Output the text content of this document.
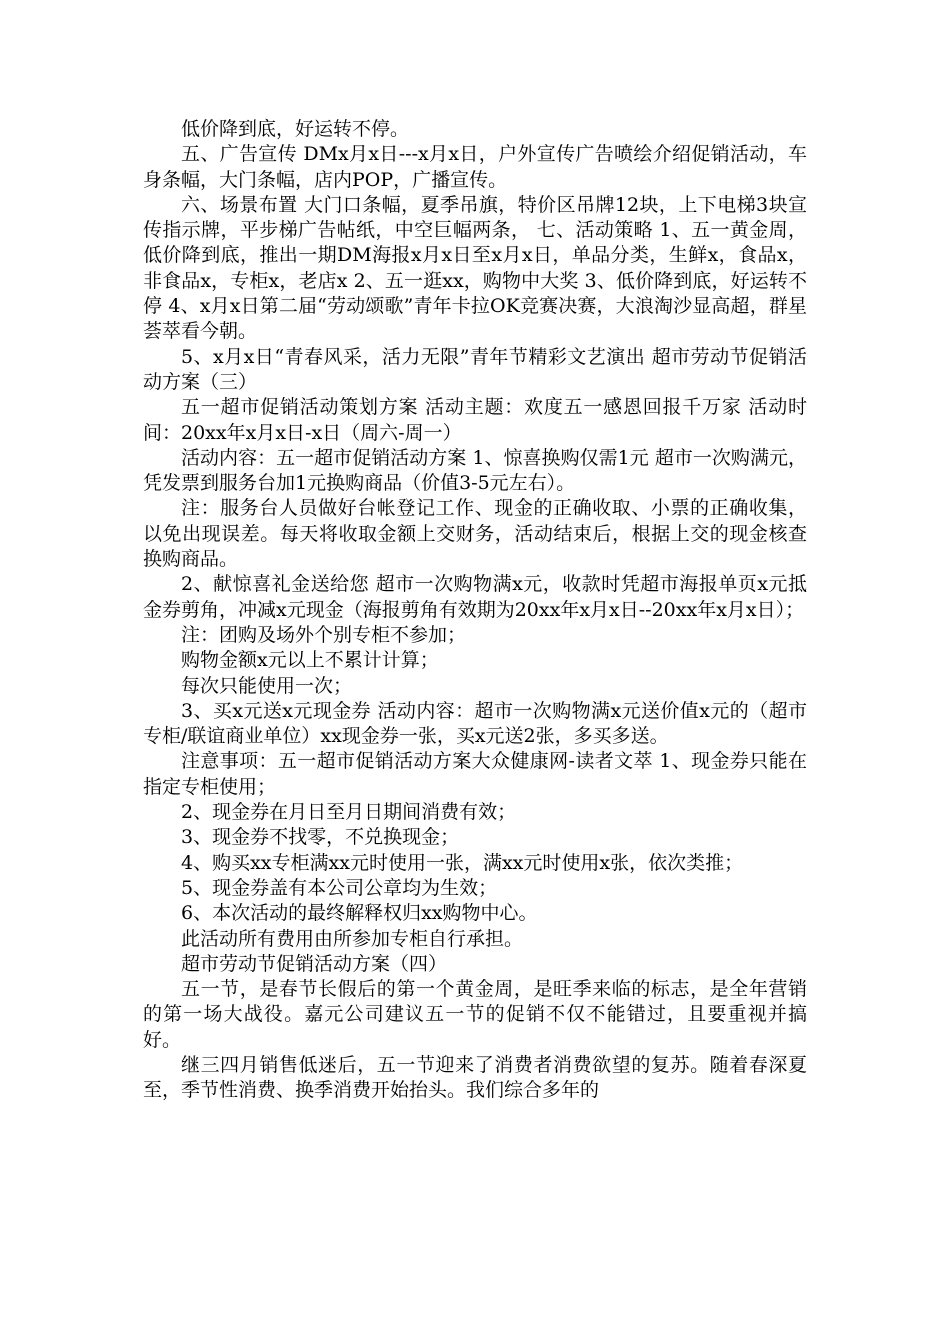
低价降到底，好运转不停。

五、广告宣传 DMx月x日---x月x日，户外宣传广告喷绘介绍促销活动，车身条幅，大门条幅，店内POP，广播宣传。

六、场景布置 大门口条幅，夏季吊旗，特价区吊牌12块，上下电梯3块宣传指示牌，平步梯广告帖纸，中空巨幅两条， 七、活动策略 1、五一黄金周，低价降到底，推出一期DM海报x月x日至x月x日，单品分类，生鲜x，食品x，非食品x，专柜x，老店x 2、五一逛xx，购物中大奖 3、低价降到底，好运转不停 4、x月x日第二届“劳动颂歌”青年卡拉OK竞赛决赛，大浪淘沙显高超，群星荟萃看今朝。

5、x月x日“青春风采，活力无限”青年节精彩文艺演出 超市劳动节促销活动方案（三）

五一超市促销活动策划方案 活动主题：欢度五一感恩回报千万家 活动时间：20xx年x月x日-x日（周六-周一）

活动内容：五一超市促销活动方案 1、惊喜换购仅需1元 超市一次购满元，凭发票到服务台加1元换购商品（价值3-5元左右）。

注：服务台人员做好台帐登记工作、现金的正确收取、小票的正确收集，以免出现误差。每天将收取金额上交财务，活动结束后，根据上交的现金核查换购商品。

2、献惊喜礼金送给您 超市一次购物满x元，收款时凭超市海报单页x元抵金券剪角，冲减x元现金（海报剪角有效期为20xx年x月x日--20xx年x月x日）；

注：团购及场外个别专柜不参加；

购物金额x元以上不累计计算；

每次只能使用一次；

3、买x元送x元现金券 活动内容：超市一次购物满x元送价值x元的（超市专柜/联谊商业单位）xx现金券一张，买x元送2张，多买多送。

注意事项：五一超市促销活动方案大众健康网-读者文萃 1、现金券只能在指定专柜使用；

2、现金券在月日至月日期间消费有效；

3、现金券不找零，不兑换现金；

4、购买xx专柜满xx元时使用一张，满xx元时使用x张，依次类推；

5、现金券盖有本公司公章均为生效；

6、本次活动的最终解释权归xx购物中心。

此活动所有费用由所参加专柜自行承担。

超市劳动节促销活动方案（四）

五一节，是春节长假后的第一个黄金周，是旺季来临的标志，是全年营销的第一场大战役。嘉元公司建议五一节的促销不仅不能错过，且要重视并搞好。

继三四月销售低迷后，五一节迎来了消费者消费欲望的复苏。随着春深夏至，季节性消费、换季消费开始抬头。我们综合多年的
